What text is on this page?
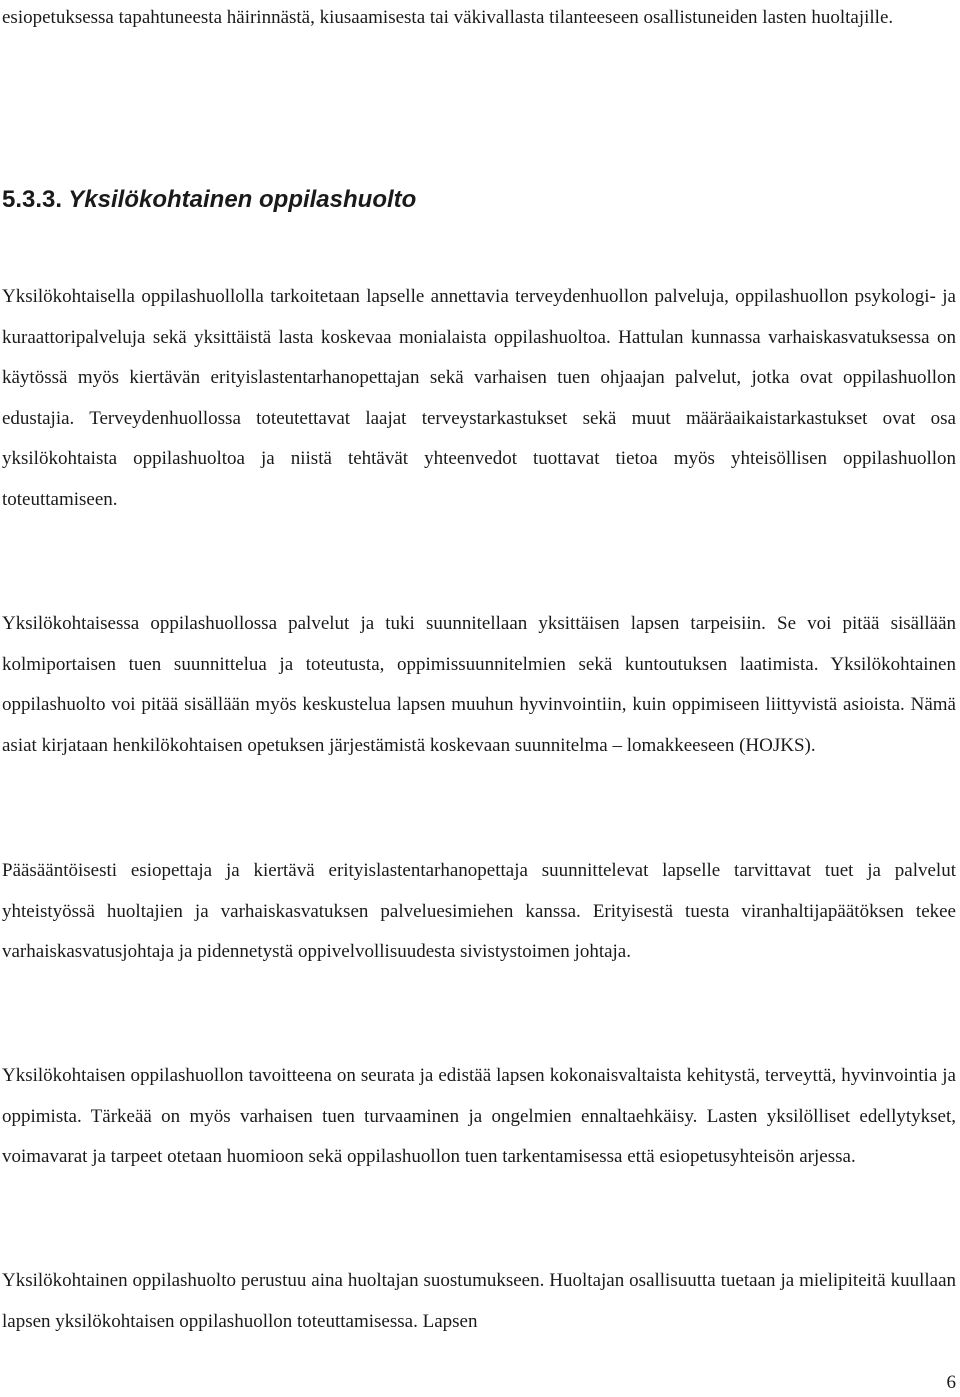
esiopetuksessa tapahtuneesta häirinnästä, kiusaamisesta tai väkivallasta tilanteeseen osallistuneiden lasten huoltajille.

5.3.3. Yksilökohtainen oppilashuolto

Yksilökohtaisella oppilashuollolla tarkoitetaan lapselle annettavia terveydenhuollon palveluja, oppilashuollon psykologi- ja kuraattoripalveluja sekä yksittäistä lasta koskevaa monialaista oppilashuoltoa. Hattulan kunnassa varhaiskasvatuksessa on käytössä myös kiertävän erityislastentarhanopettajan sekä varhaisen tuen ohjaajan palvelut, jotka ovat oppilashuollon edustajia. Terveydenhuollossa toteutettavat laajat terveystarkastukset sekä muut määräaikaistarkastukset ovat osa yksilökohtaista oppilashuoltoa ja niistä tehtävät yhteenvedot tuottavat tietoa myös yhteisöllisen oppilashuollon toteuttamiseen.

Yksilökohtaisessa oppilashuollossa palvelut ja tuki suunnitellaan yksittäisen lapsen tarpeisiin. Se voi pitää sisällään kolmiportaisen tuen suunnittelua ja toteutusta, oppimissuunnitelmien sekä kuntoutuksen laatimista. Yksilökohtainen oppilashuolto voi pitää sisällään myös keskustelua lapsen muuhun hyvinvointiin, kuin oppimiseen liittyvistä asioista. Nämä asiat kirjataan henkilökohtaisen opetuksen järjestämistä koskevaan suunnitelma – lomakkeeseen (HOJKS).

Pääsääntöisesti esiopettaja ja kiertävä erityislastentarhanopettaja suunnittelevat lapselle tarvittavat tuet ja palvelut yhteistyössä huoltajien ja varhaiskasvatuksen palveluesimiehen kanssa. Erityisestä tuesta viranhaltijapäätöksen tekee varhaiskasvatusjohtaja ja pidennetystä oppivelvollisuudesta sivistystoimen johtaja.

Yksilökohtaisen oppilashuollon tavoitteena on seurata ja edistää lapsen kokonaisvaltaista kehitystä, terveyttä, hyvinvointia ja oppimista. Tärkeää on myös varhaisen tuen turvaaminen ja ongelmien ennaltaehkäisy. Lasten yksilölliset edellytykset, voimavarat ja tarpeet otetaan huomioon sekä oppilashuollon tuen tarkentamisessa että esiopetusyhteisön arjessa.

Yksilökohtainen oppilashuolto perustuu aina huoltajan suostumukseen. Huoltajan osallisuutta tuetaan ja mielipiteitä kuullaan lapsen yksilökohtaisen oppilashuollon toteuttamisessa. Lapsen

6
